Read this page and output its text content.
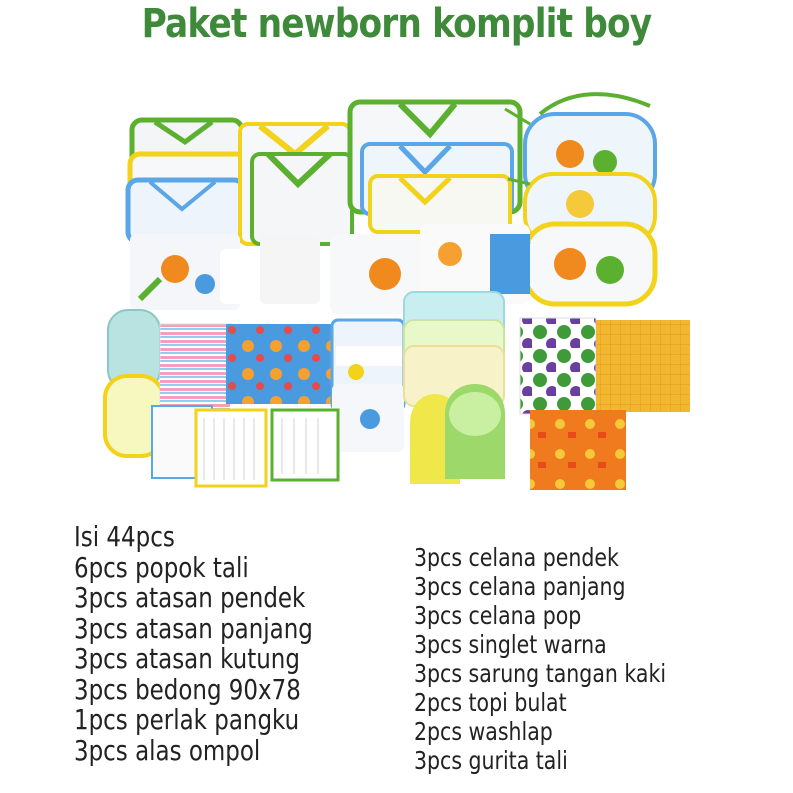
Paket newborn komplit boy
Isi 44pcs
6pcs popok tali
3pcs atasan pendek
3pcs atasan panjang
3pcs atasan kutung
3pcs bedong 90x78
1pcs perlak pangku
3pcs alas ompol
3pcs celana pendek
3pcs celana panjang
3pcs celana pop
3pcs singlet warna
3pcs sarung tangan kaki
2pcs topi bulat
2pcs washlap
3pcs gurita tali
